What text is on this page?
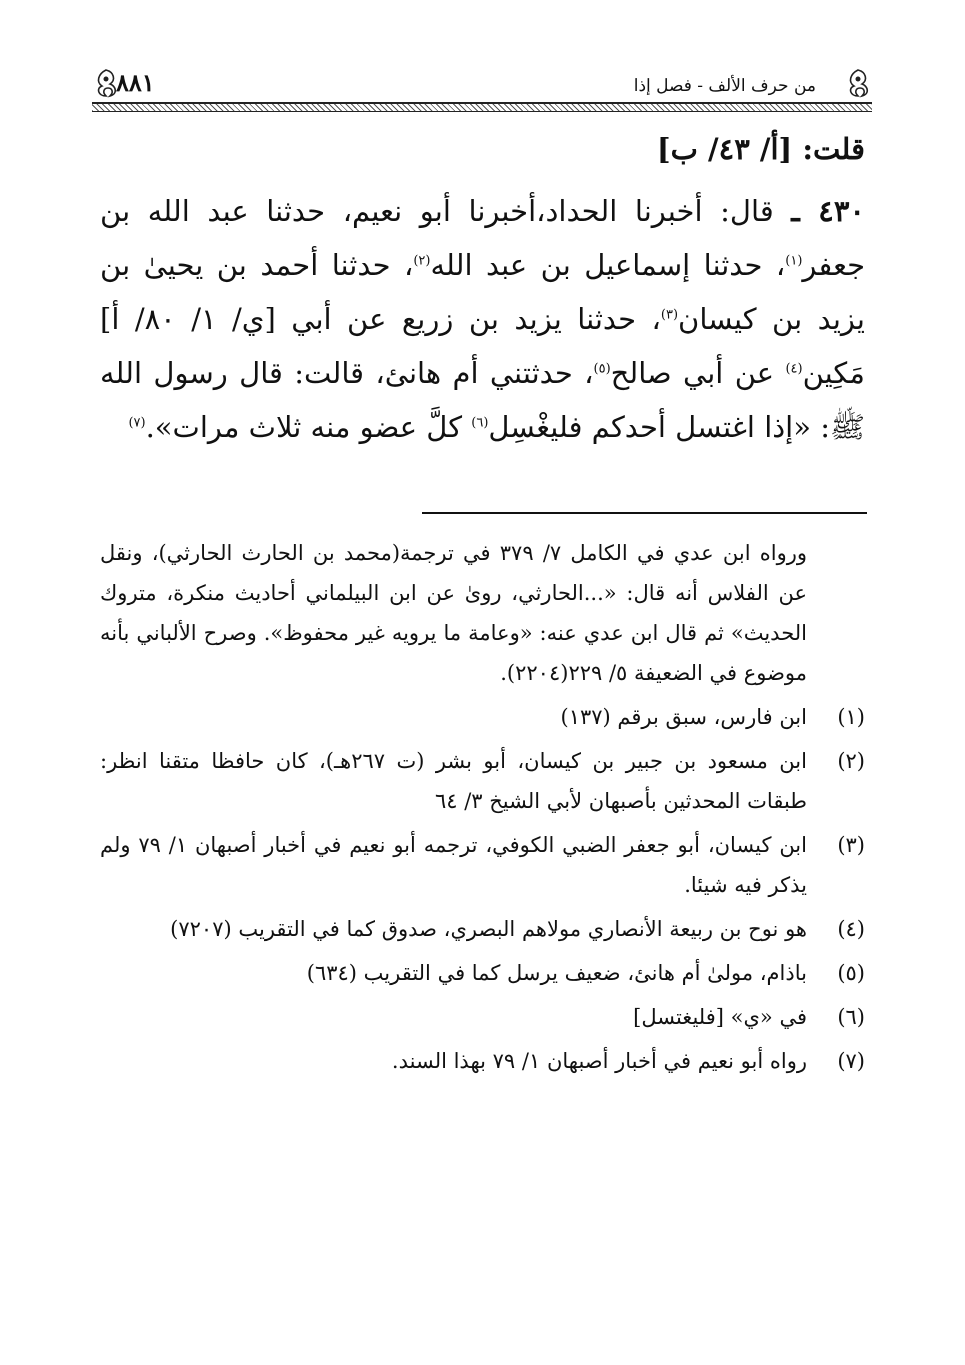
من حرف الألف - فصل إذا
٨٨١

قلت: [أ/ ٤٣/ ب]

٤٣٠ ـ قال: أخبرنا الحداد،أخبرنا أبو نعيم، حدثنا عبد الله بن جعفر$^{(١)}$، حدثنا إسماعيل بن عبد الله$^{(٢)}$، حدثنا أحمد بن يحيىٰ بن يزيد بن كيسان$^{(٣)}$، حدثنا يزيد بن زريع عن أبي [ي/ ١/ ٨٠/ أ] مَكِين$^{(٤)}$ عن أبي صالح$^{(٥)}$، حدثتني أم هانئ، قالت: قال رسول الله ﷺ: «إذا اغتسل أحدكم فليغْسِل$^{(٦)}$ كلَّ عضو منه ثلاث مرات».$^{(٧)}$

ورواه ابن عدي في الكامل ٧/ ٣٧٩ في ترجمة(محمد بن الحارث الحارثي)، ونقل عن الفلاس أنه قال: «...الحارثي، روىٰ عن ابن البيلماني أحاديث منكرة، متروك الحديث» ثم قال ابن عدي عنه: «وعامة ما يرويه غير محفوظ». وصرح الألباني بأنه موضوع في الضعيفة ٥/ ٢٢٩(٢٢٠٤).

(١)
ابن فارس، سبق برقم (١٣٧)
(٢)
ابن مسعود بن جبير بن كيسان، أبو بشر (ت ٢٦٧هـ)، كان حافظا متقنا انظر: طبقات المحدثين بأصبهان لأبي الشيخ ٣/ ٦٤
(٣)
ابن كيسان، أبو جعفر الضبي الكوفي، ترجمه أبو نعيم في أخبار أصبهان ١/ ٧٩ ولم يذكر فيه شيئا.
(٤)
هو نوح بن ربيعة الأنصاري مولاهم البصري، صدوق كما في التقريب (٧٢٠٧)
(٥)
باذام، مولىٰ أم هانئ، ضعيف يرسل كما في التقريب (٦٣٤)
(٦)
في «ي» [فليغتسل]
(٧)
رواه أبو نعيم في أخبار أصبهان ١/ ٧٩ بهذا السند.
